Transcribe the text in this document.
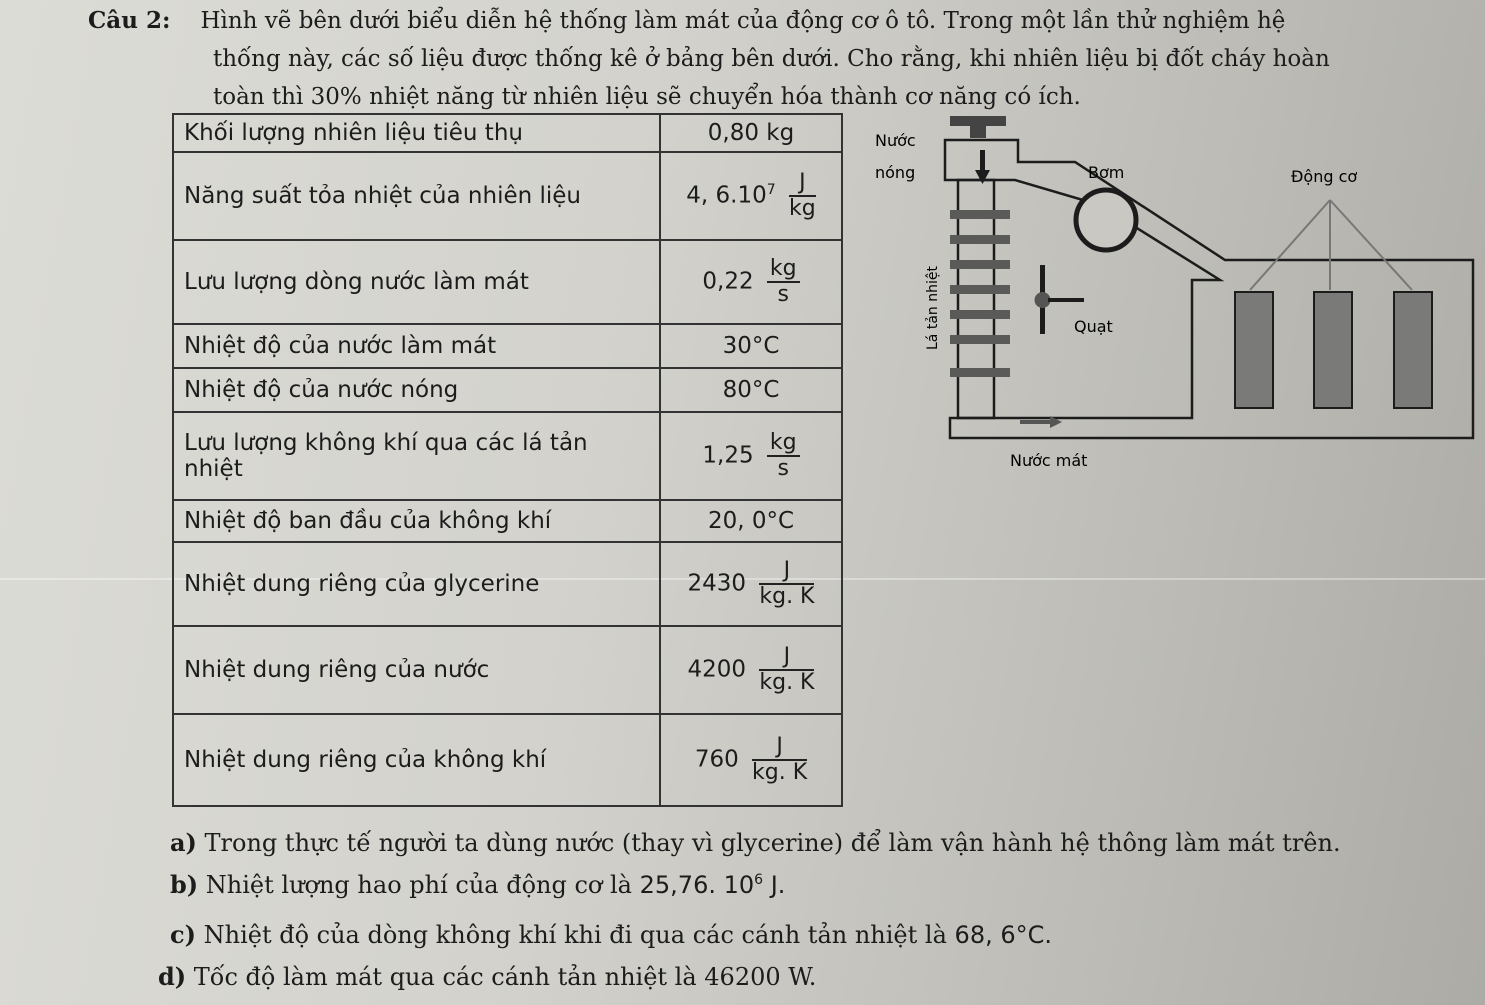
Câu 2: Hình vẽ bên dưới biểu diễn hệ thống làm mát của động cơ ô tô. Trong một lần thử nghiệm hệ
thống này, các số liệu được thống kê ở bảng bên dưới. Cho rằng, khi nhiên liệu bị đốt cháy hoàn
toàn thì 30% nhiệt năng từ nhiên liệu sẽ chuyển hóa thành cơ năng có ích.
Khối lượng nhiên liệu tiêu thụ	0,80 kg
Năng suất tỏa nhiệt của nhiên liệu	4, $6.10^7 \frac{J}{kg}$

Lưu lượng dòng nước làm mát	$0,22 \frac{kg}{s}$

Nhiệt độ của nước làm mát	30°C
Nhiệt độ của nước nóng	80°C
Lưu lượng không khí qua các lá tản nhiệt	$1,25 \frac{kg}{s}$

Nhiệt độ ban đầu của không khí	20, 0°C
Nhiệt dung riêng của glycerine	$2430 \frac{J}{kg. K}$

Nhiệt dung riêng của nước	$4200 \frac{J}{kg. K}$

Nhiệt dung riêng của không khí	$760 \frac{J}{kg. K}$
Nước
nóng	Bơm	Động cơ
Lá tản nhiệt	Quạt
Nước mát
a) Trong thực tế người ta dùng nước (thay vì glycerine) để làm vận hành hệ thông làm mát trên.
b) Nhiệt lượng hao phí của động cơ là 25,76. $10^6$ J.
c) Nhiệt độ của dòng không khí khi đi qua các cánh tản nhiệt là 68, 6°C.
d) Tốc độ làm mát qua các cánh tản nhiệt là 46200 W.
